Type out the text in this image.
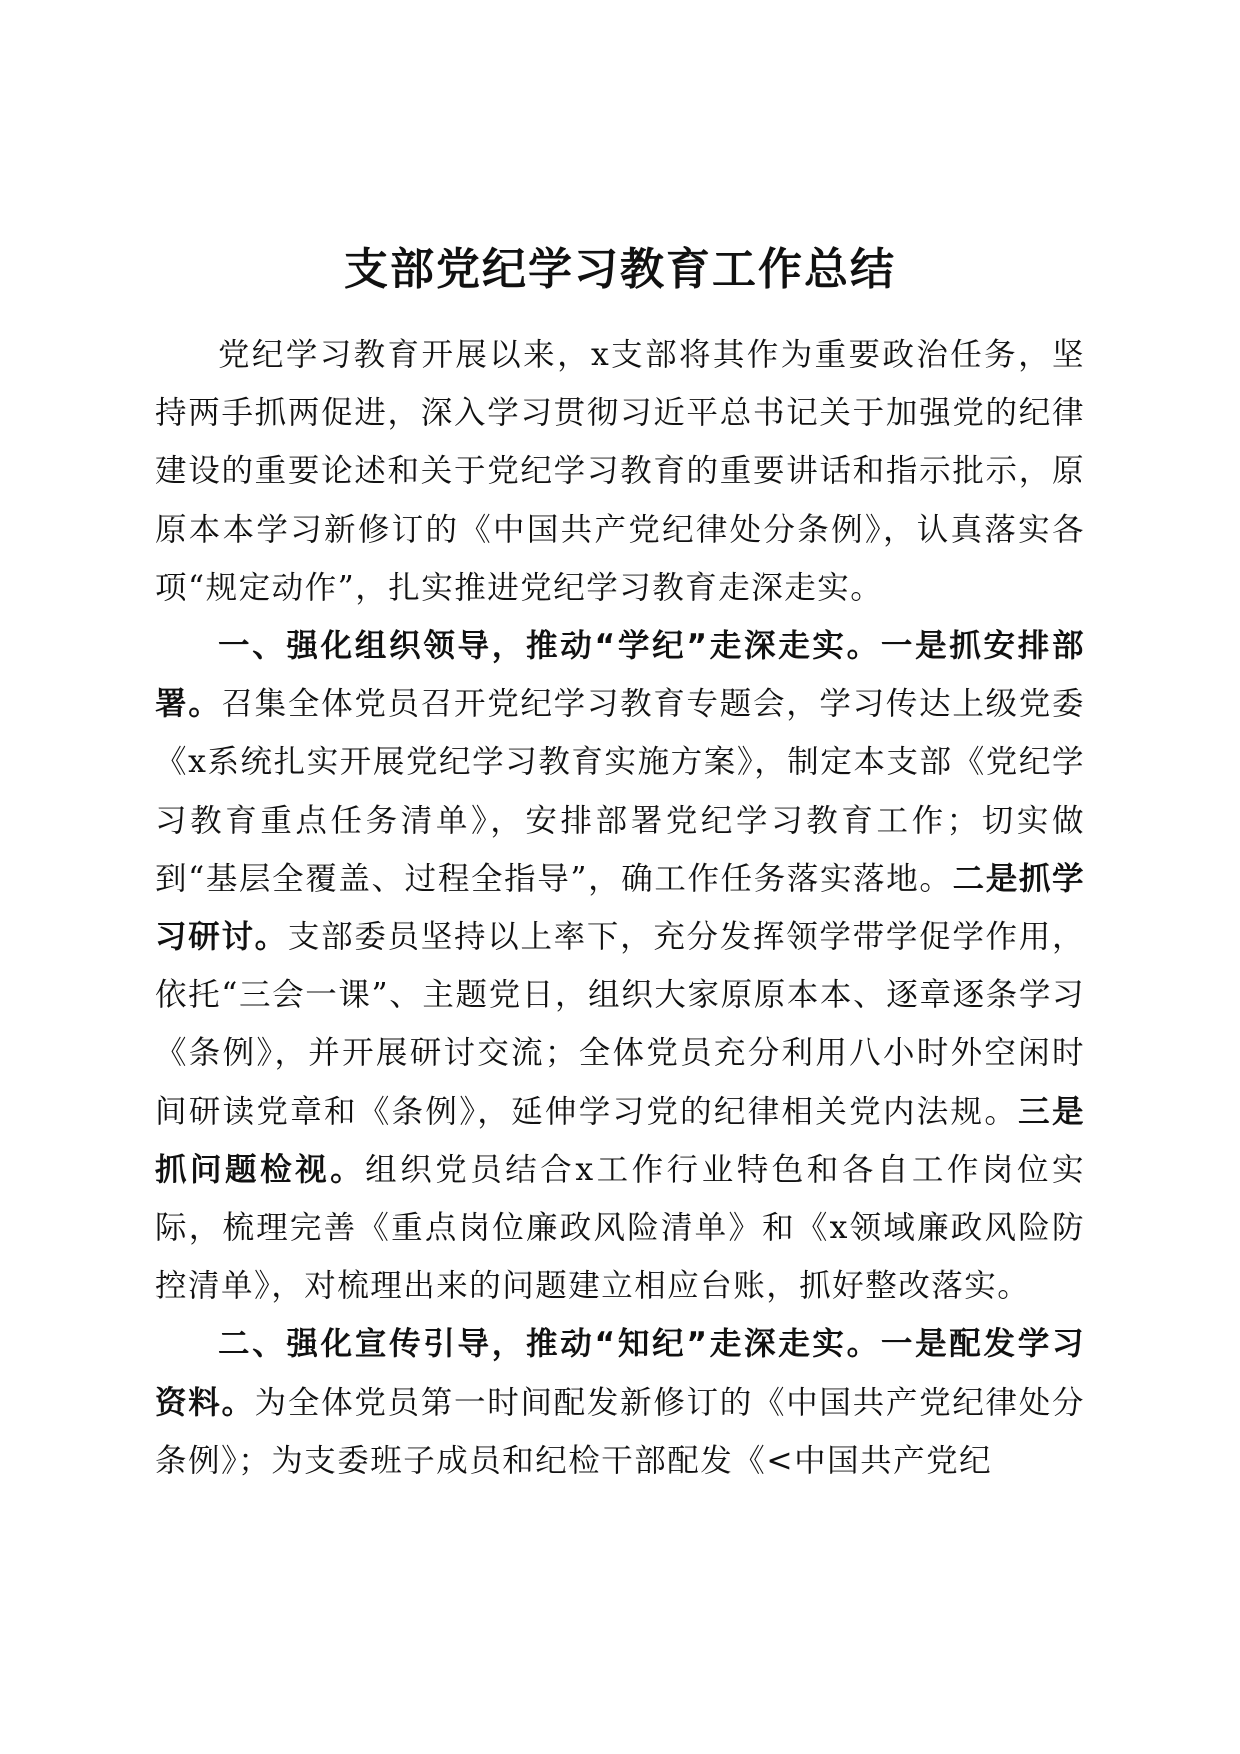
支部党纪学习教育工作总结

党纪学习教育开展以来，x支部将其作为重要政治任务，坚持两手抓两促进，深入学习贯彻习近平总书记关于加强党的纪律建设的重要论述和关于党纪学习教育的重要讲话和指示批示，原原本本学习新修订的《中国共产党纪律处分条例》，认真落实各项“规定动作”，扎实推进党纪学习教育走深走实。

一、强化组织领导，推动“学纪”走深走实。一是抓安排部署。召集全体党员召开党纪学习教育专题会，学习传达上级党委《x系统扎实开展党纪学习教育实施方案》，制定本支部《党纪学习教育重点任务清单》，安排部署党纪学习教育工作；切实做到“基层全覆盖、过程全指导”，确工作任务落实落地。二是抓学习研讨。支部委员坚持以上率下，充分发挥领学带学促学作用，依托“三会一课”、主题党日，组织大家原原本本、逐章逐条学习《条例》，并开展研讨交流；全体党员充分利用八小时外空闲时间研读党章和《条例》，延伸学习党的纪律相关党内法规。三是抓问题检视。组织党员结合x工作行业特色和各自工作岗位实际，梳理完善《重点岗位廉政风险清单》和《x领域廉政风险防控清单》，对梳理出来的问题建立相应台账，抓好整改落实。

二、强化宣传引导，推动“知纪”走深走实。一是配发学习资料。为全体党员第一时间配发新修订的《中国共产党纪律处分条例》；为支委班子成员和纪检干部配发《<中国共产党纪
